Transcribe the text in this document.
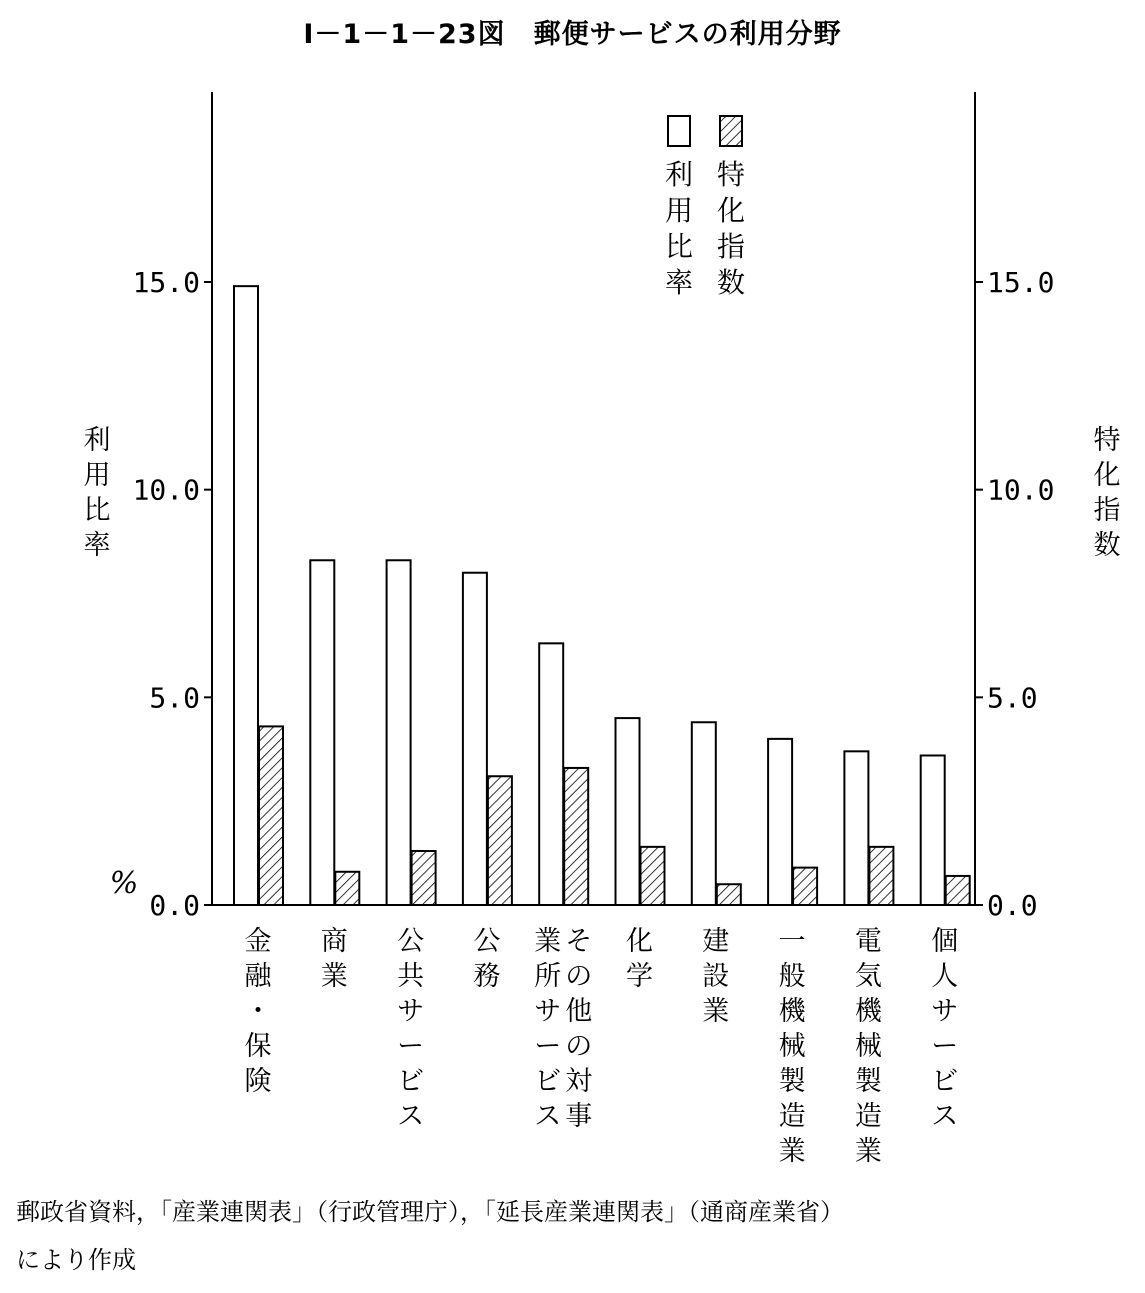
Ⅰ－1－1－23図　郵便サービスの利用分野
0.0
5.0
10.0
15.0
0.0
5.0
10.0
15.0
利
用
比
率
特
化
指
数
%
金
融
・
保
険
商
業
公
共
サ
ー
ビ
ス
公
務
そ
の
他
の
対
事
業
所
サ
ー
ビ
ス
化
学
建
設
業
一
般
機
械
製
造
業
電
気
機
械
製
造
業
個
人
サ
ー
ビ
ス
利
用
比
率
特
化
指
数
郵政省資料，「産業連関表」（行政管理庁），「延長産業連関表」（通商産業省）
により作成
